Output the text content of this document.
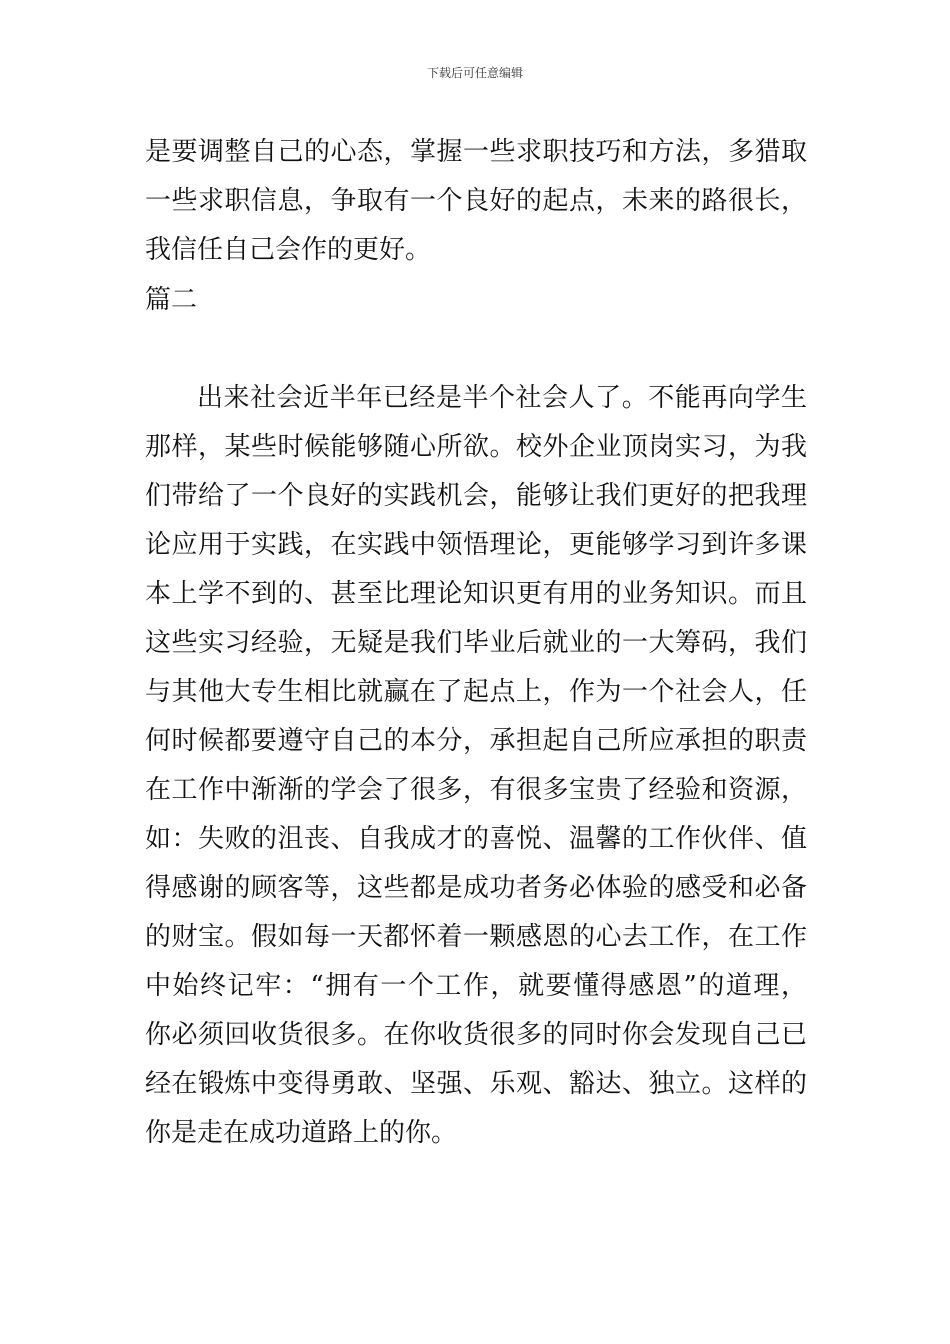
下载后可任意编辑
是要调整自己的心态，掌握一些求职技巧和方法，多猎取
一些求职信息，争取有一个良好的起点，未来的路很长，
我信任自己会作的更好。
篇二
出来社会近半年已经是半个社会人了。不能再向学生
那样，某些时候能够随心所欲。校外企业顶岗实习，为我
们带给了一个良好的实践机会，能够让我们更好的把我理
论应用于实践，在实践中领悟理论，更能够学习到许多课
本上学不到的、甚至比理论知识更有用的业务知识。而且
这些实习经验，无疑是我们毕业后就业的一大筹码，我们
与其他大专生相比就赢在了起点上，作为一个社会人，任
何时候都要遵守自己的本分，承担起自己所应承担的职责
在工作中渐渐的学会了很多，有很多宝贵了经验和资源，
如：失败的沮丧、自我成才的喜悦、温馨的工作伙伴、值
得感谢的顾客等，这些都是成功者务必体验的感受和必备
的财宝。假如每一天都怀着一颗感恩的心去工作，在工作
中始终记牢：“拥有一个工作，就要懂得感恩”的道理，
你必须回收货很多。在你收货很多的同时你会发现自己已
经在锻炼中变得勇敢、坚强、乐观、豁达、独立。这样的
你是走在成功道路上的你。
